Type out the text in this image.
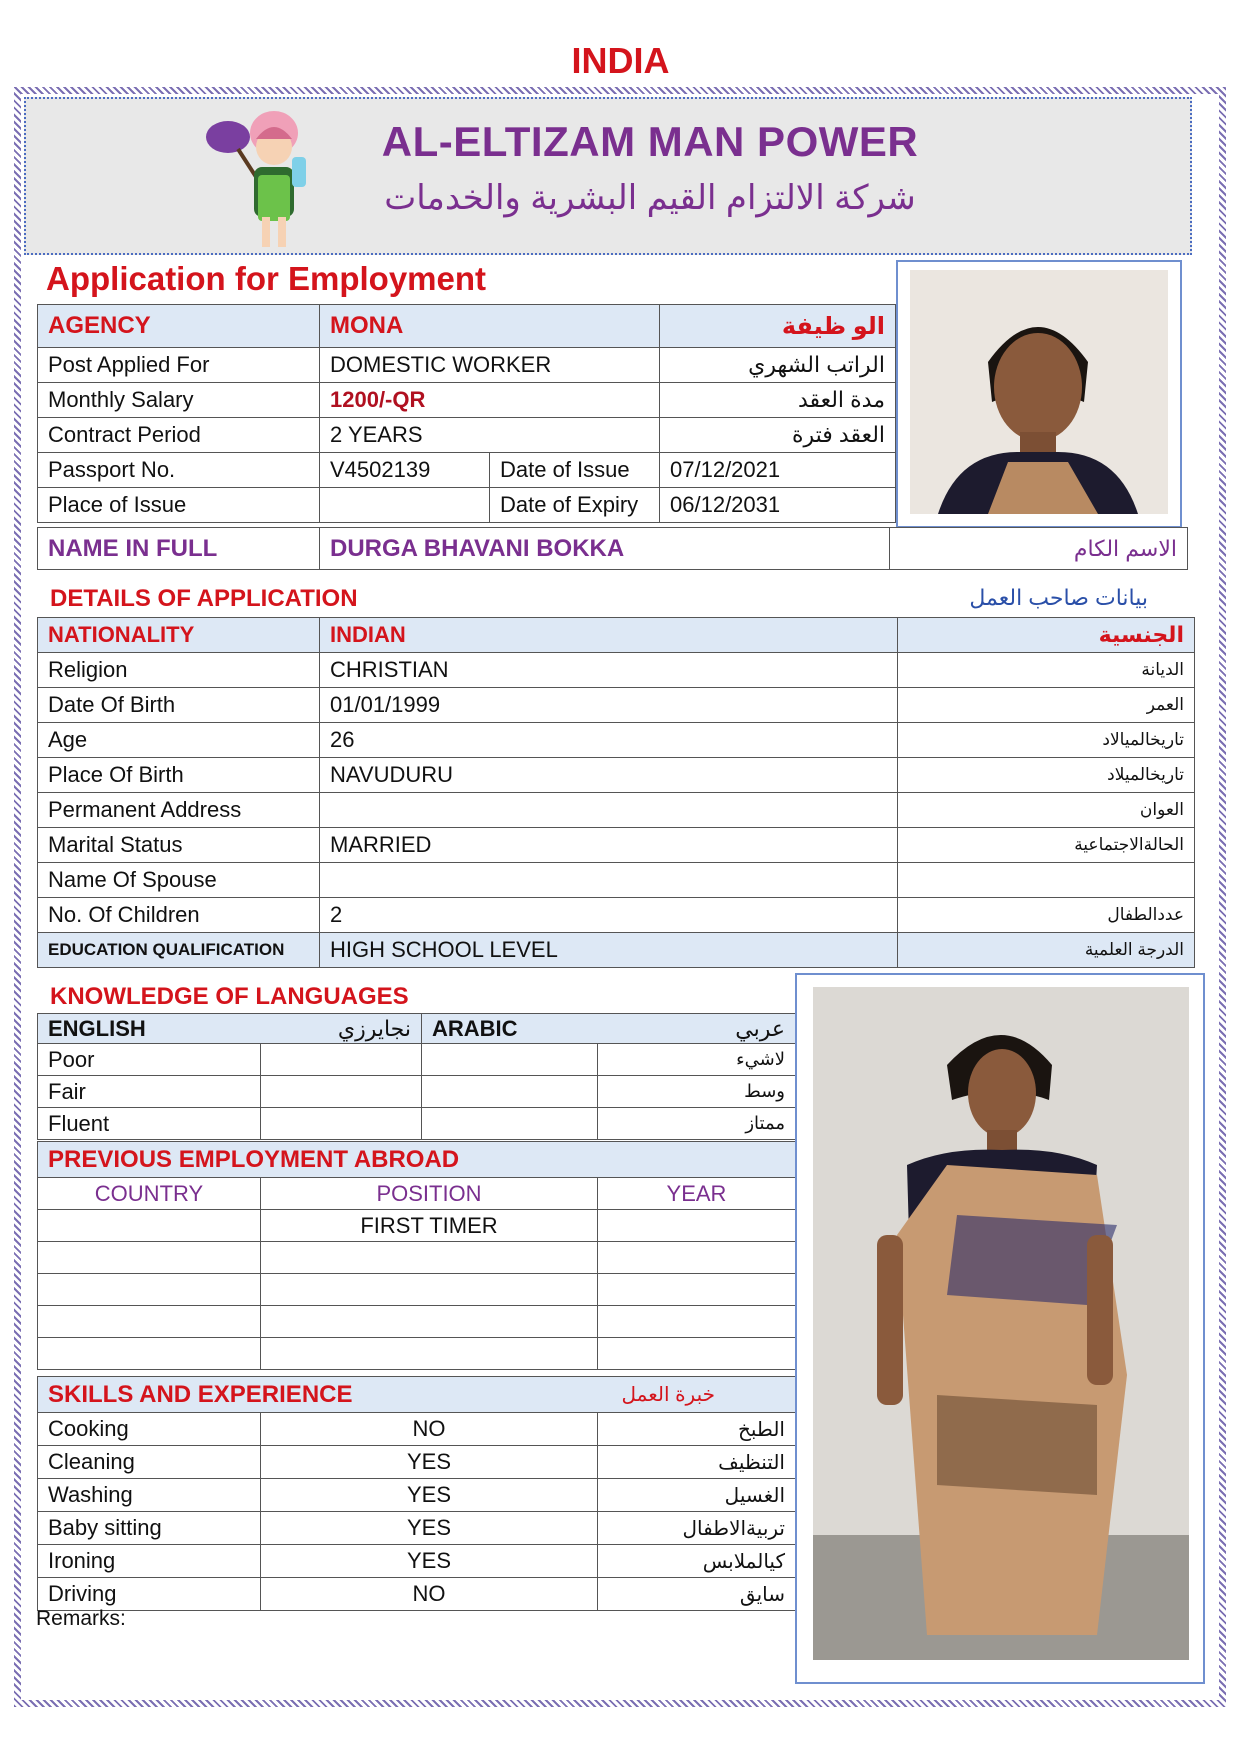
INDIA
AL-ELTIZAM MAN POWER
شركة الالتزام القيم البشرية والخدمات
Application for Employment
AGENCY	MONA		الو ظيفة
Post Applied For	DOMESTIC WORKER		الراتب الشهري
Monthly Salary	1200/-QR		مدة العقد
Contract Period	2 YEARS		العقد فترة
Passport No.	V4502139	Date of Issue	07/12/2021
Place of Issue		Date of Expiry	06/12/2031
NAME IN FULL	DURGA BHAVANI BOKKA	الاسم الكام
DETAILS OF APPLICATION	بيانات صاحب العمل
NATIONALITY	INDIAN	الجنسية
Religion	CHRISTIAN	الديانة
Date Of Birth	01/01/1999	العمر
Age	26	تاريخالميالاد
Place Of Birth	NAVUDURU	تاريخالميلاد
Permanent Address		العوان
Marital Status	MARRIED	الحالةالاجتماعية
Name Of Spouse		
No. Of Children	2	عددالطفال
EDUCATION QUALIFICATION	HIGH SCHOOL LEVEL	الدرجة العلمية
KNOWLEDGE OF LANGUAGES
ENGLISH	نجايرزي	ARABIC	عربي
Poor			لاشيء
Fair			وسط
Fluent			ممتاز
PREVIOUS EMPLOYMENT ABROAD		
COUNTRY	POSITION	YEAR
	FIRST TIMER	

SKILLS AND EXPERIENCE		خبرة العمل
Cooking	NO	الطبخ
Cleaning	YES	التنظيف
Washing	YES	الغسيل
Baby sitting	YES	تربيةالاطفال
Ironing	YES	كيالملابس
Driving	NO	سايق
Remarks:
